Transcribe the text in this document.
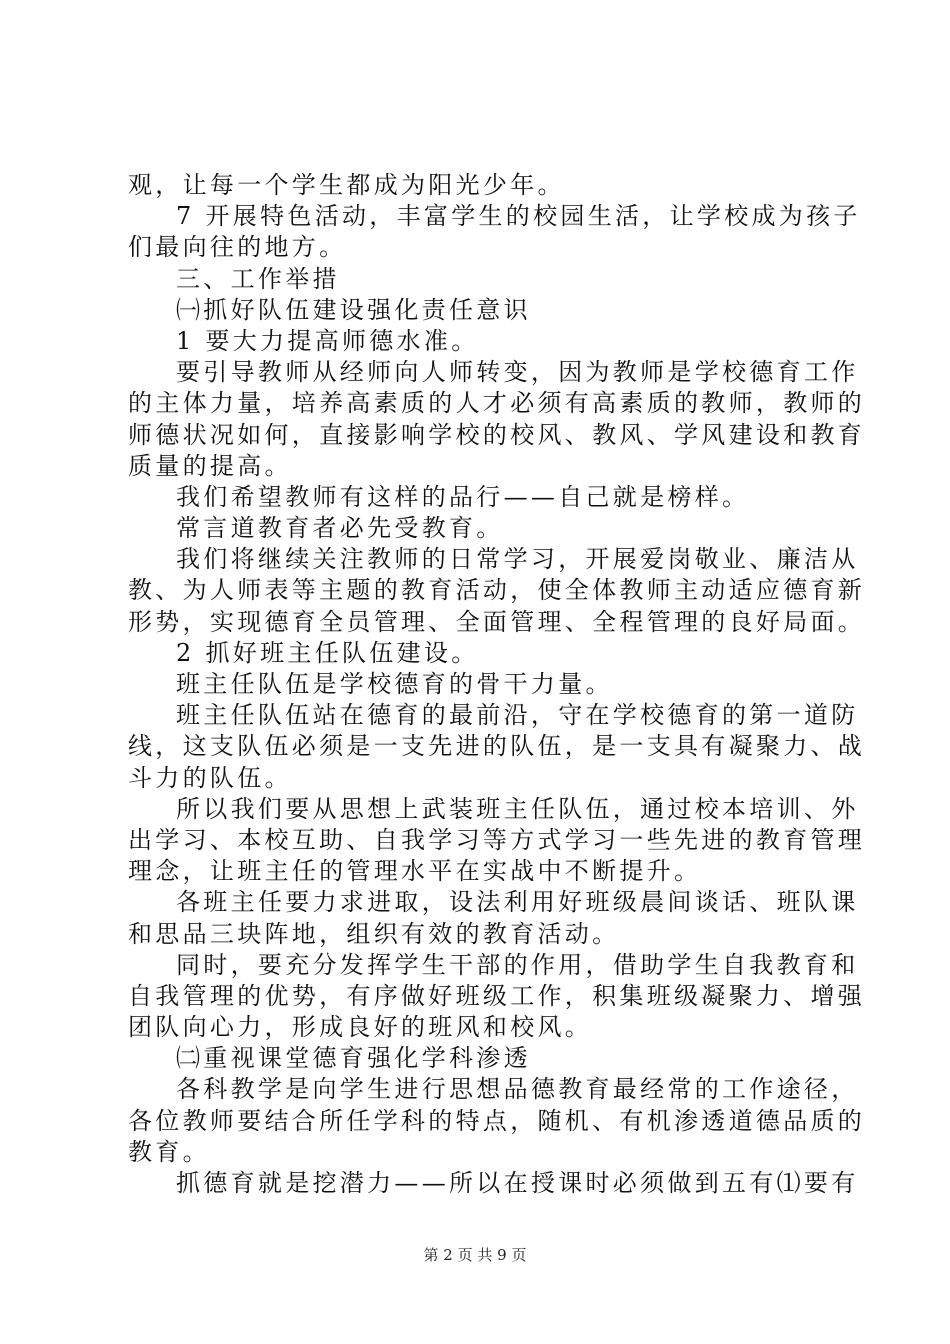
观，让每一个学生都成为阳光少年。
7 开展特色活动，丰富学生的校园生活，让学校成为孩子
们最向往的地方。
三、工作举措
㈠抓好队伍建设强化责任意识
1 要大力提高师德水准。
要引导教师从经师向人师转变，因为教师是学校德育工作
的主体力量，培养高素质的人才必须有高素质的教师，教师的
师德状况如何，直接影响学校的校风、教风、学风建设和教育
质量的提高。
我们希望教师有这样的品行——自己就是榜样。
常言道教育者必先受教育。
我们将继续关注教师的日常学习，开展爱岗敬业、廉洁从
教、为人师表等主题的教育活动，使全体教师主动适应德育新
形势，实现德育全员管理、全面管理、全程管理的良好局面。
2 抓好班主任队伍建设。
班主任队伍是学校德育的骨干力量。
班主任队伍站在德育的最前沿，守在学校德育的第一道防
线，这支队伍必须是一支先进的队伍，是一支具有凝聚力、战
斗力的队伍。
所以我们要从思想上武装班主任队伍，通过校本培训、外
出学习、本校互助、自我学习等方式学习一些先进的教育管理
理念，让班主任的管理水平在实战中不断提升。
各班主任要力求进取，设法利用好班级晨间谈话、班队课
和思品三块阵地，组织有效的教育活动。
同时，要充分发挥学生干部的作用，借助学生自我教育和
自我管理的优势，有序做好班级工作，积集班级凝聚力、增强
团队向心力，形成良好的班风和校风。
㈡重视课堂德育强化学科渗透
各科教学是向学生进行思想品德教育最经常的工作途径，
各位教师要结合所任学科的特点，随机、有机渗透道德品质的
教育。
抓德育就是挖潜力——所以在授课时必须做到五有⑴要有
第 2 页 共 9 页
